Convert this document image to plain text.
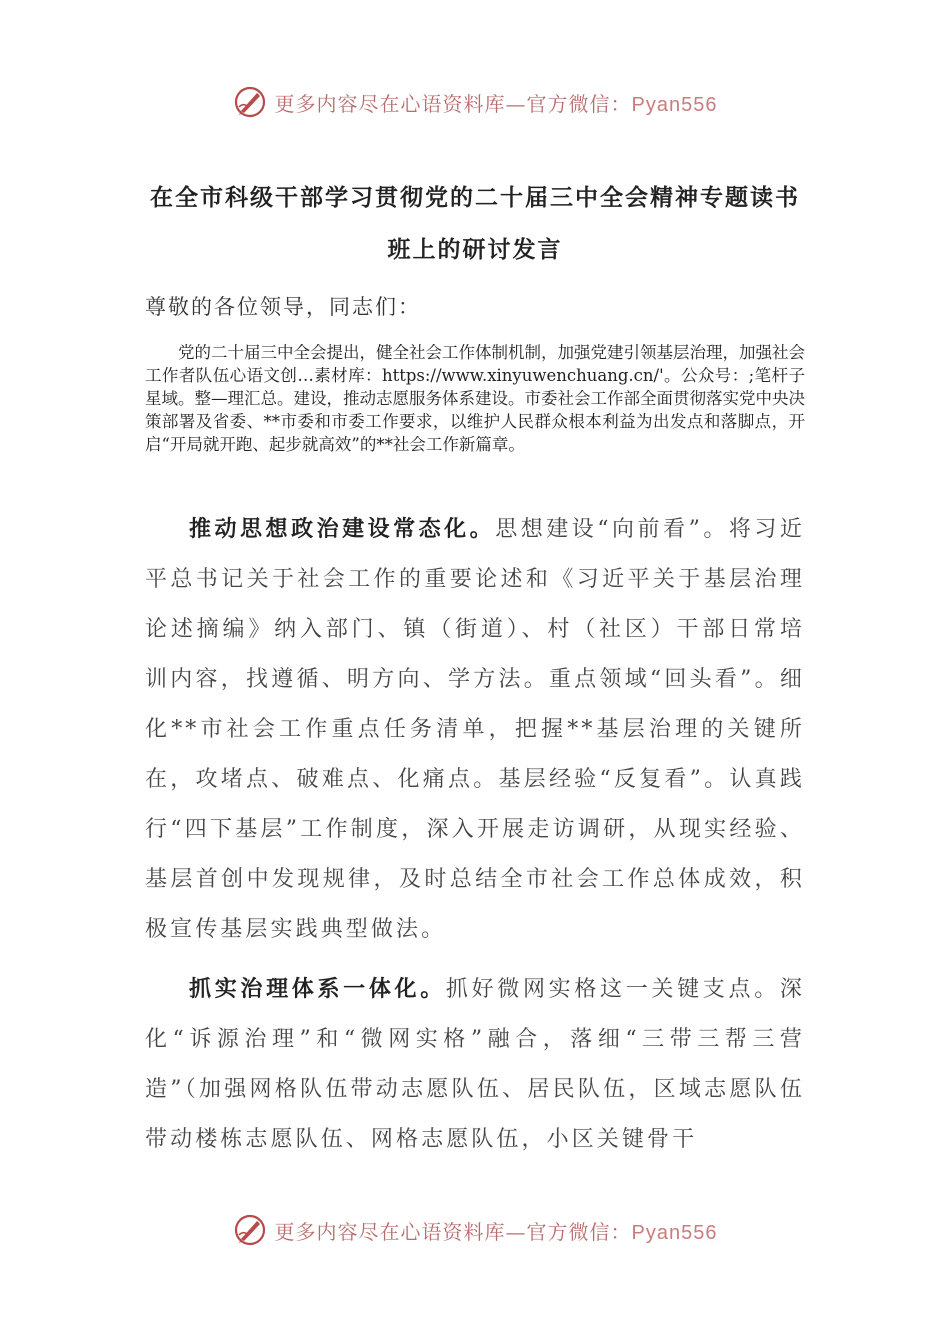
更多内容尽在心语资料库—官方微信：Pyan556
在全市科级干部学习贯彻党的二十届三中全会精神专题读书班上的研讨发言
尊敬的各位领导，同志们：
党的二十届三中全会提出，健全社会工作体制机制，加强党建引领基层治理，加强社会工作者队伍心语文创…素材库：https://www.xinyuwenchuang.cn/'。公众号：;笔杆子星域。整—理汇总。建设，推动志愿服务体系建设。市委社会工作部全面贯彻落实党中央决策部署及省委、**市委和市委工作要求，以维护人民群众根本利益为出发点和落脚点，开启“开局就开跑、起步就高效”的**社会工作新篇章。
推动思想政治建设常态化。思想建设“向前看”。将习近平总书记关于社会工作的重要论述和《习近平关于基层治理论述摘编》纳入部门、镇（街道）、村（社区）干部日常培训内容，找遵循、明方向、学方法。重点领域“回头看”。细化**市社会工作重点任务清单，把握**基层治理的关键所在，攻堵点、破难点、化痛点。基层经验“反复看”。认真践行“四下基层”工作制度，深入开展走访调研，从现实经验、基层首创中发现规律，及时总结全市社会工作总体成效，积极宣传基层实践典型做法。
抓实治理体系一体化。抓好微网实格这一关键支点。深化“诉源治理”和“微网实格”融合，落细“三带三帮三营造”（加强网格队伍带动志愿队伍、居民队伍，区域志愿队伍带动楼栋志愿队伍、网格志愿队伍，小区关键骨干
更多内容尽在心语资料库—官方微信：Pyan556
